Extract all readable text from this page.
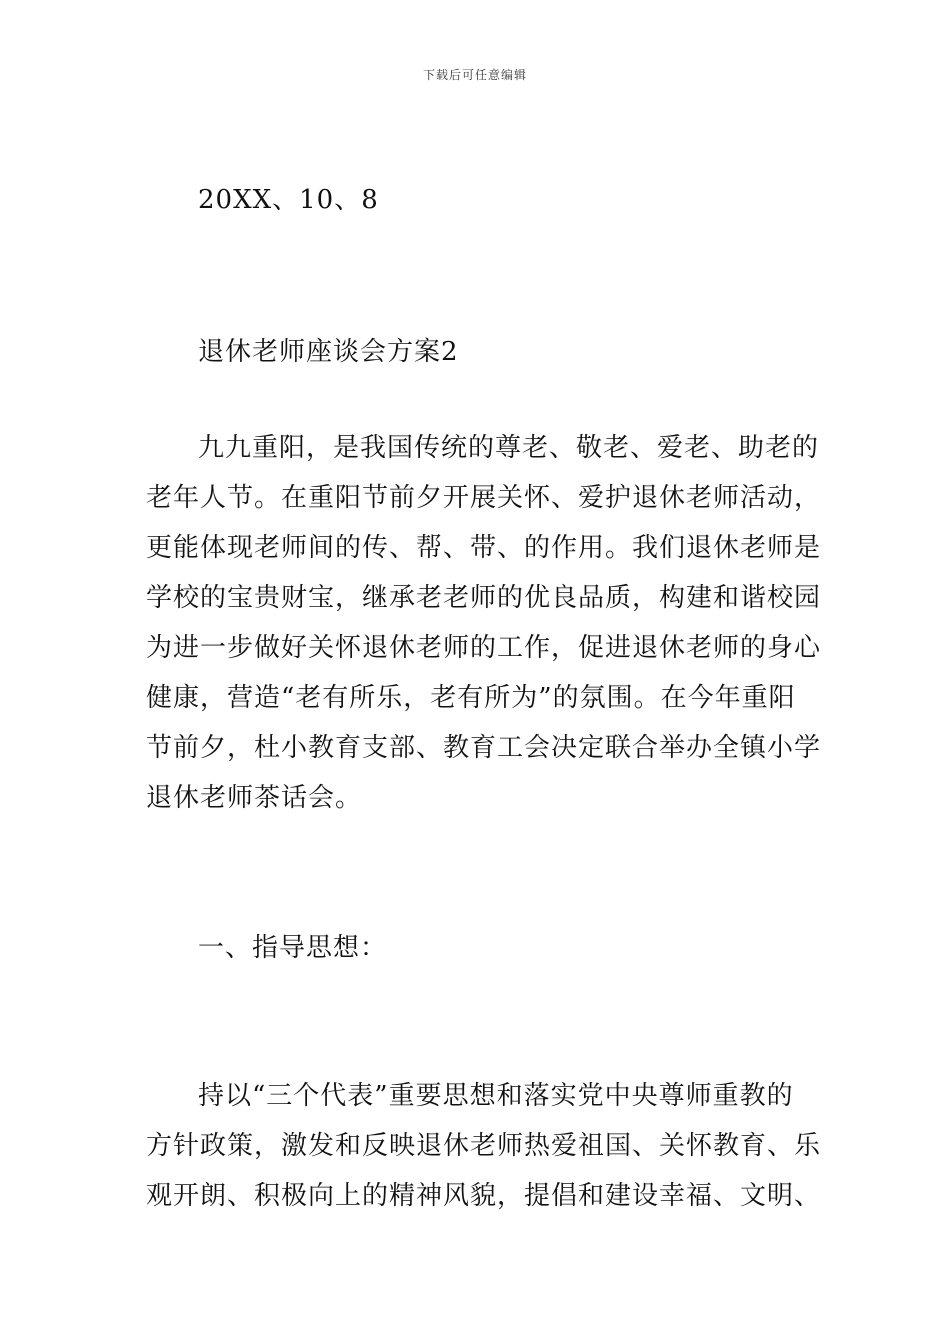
下载后可任意编辑
20XX、10、8
退休老师座谈会方案2
九九重阳，是我国传统的尊老、敬老、爱老、助老的
老年人节。在重阳节前夕开展关怀、爱护退休老师活动，
更能体现老师间的传、帮、带、的作用。我们退休老师是
学校的宝贵财宝，继承老老师的优良品质，构建和谐校园
为进一步做好关怀退休老师的工作，促进退休老师的身心
健康，营造“老有所乐，老有所为”的氛围。在今年重阳
节前夕，杜小教育支部、教育工会决定联合举办全镇小学
退休老师茶话会。
一、指导思想：
持以“三个代表”重要思想和落实党中央尊师重教的
方针政策，激发和反映退休老师热爱祖国、关怀教育、乐
观开朗、积极向上的精神风貌，提倡和建设幸福、文明、
